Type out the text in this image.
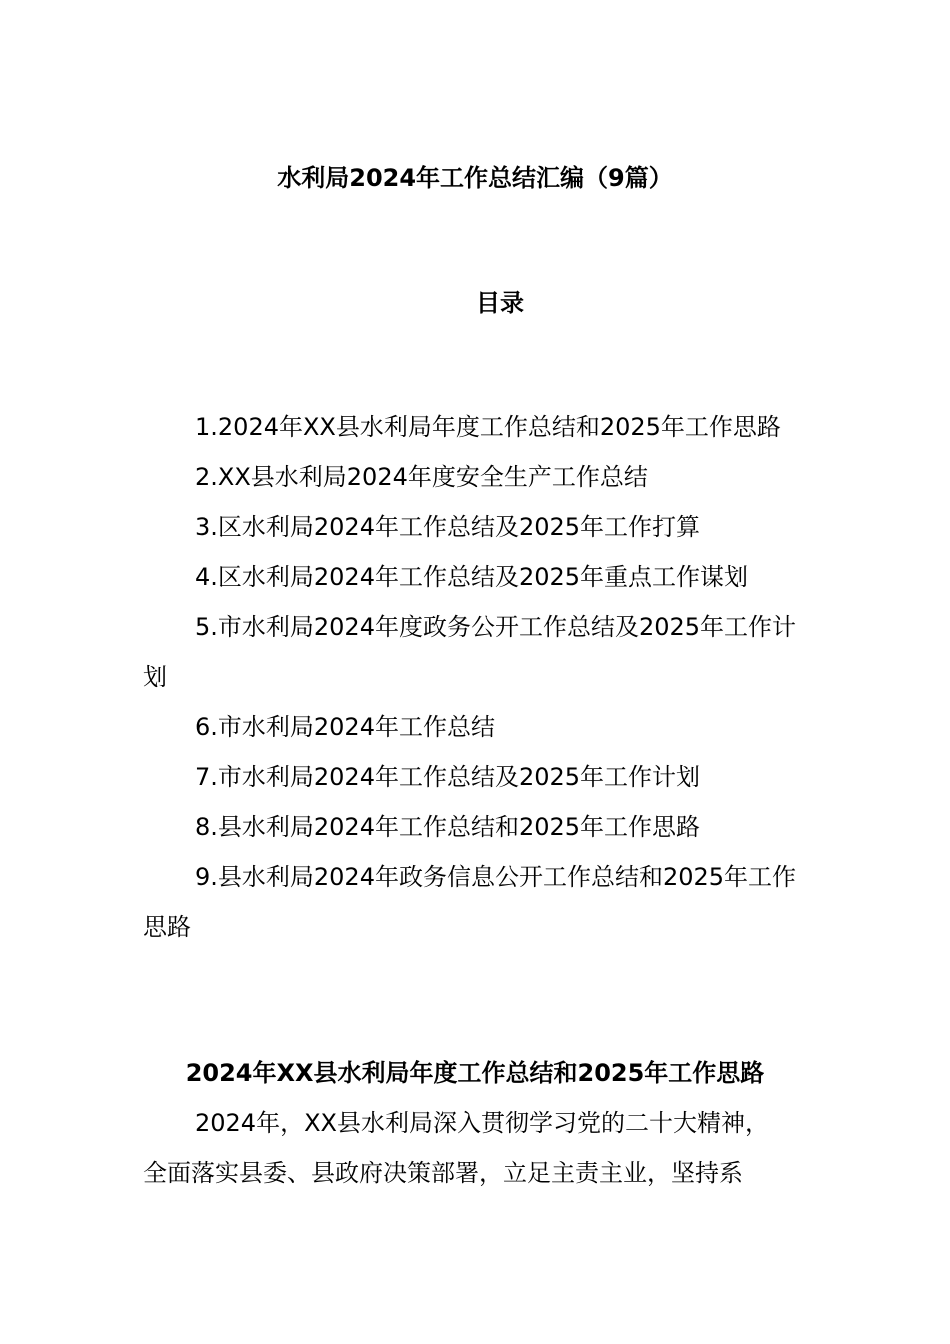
水利局2024年工作总结汇编（9篇）
目录
1.2024年XX县水利局年度工作总结和2025年工作思路
2.XX县水利局2024年度安全生产工作总结
3.区水利局2024年工作总结及2025年工作打算
4.区水利局2024年工作总结及2025年重点工作谋划
5.市水利局2024年度政务公开工作总结及2025年工作计划
6.市水利局2024年工作总结
7.市水利局2024年工作总结及2025年工作计划
8.县水利局2024年工作总结和2025年工作思路
9.县水利局2024年政务信息公开工作总结和2025年工作思路
2024年XX县水利局年度工作总结和2025年工作思路

2024年，XX县水利局深入贯彻学习党的二十大精神，
全面落实县委、县政府决策部署，立足主责主业，坚持系
